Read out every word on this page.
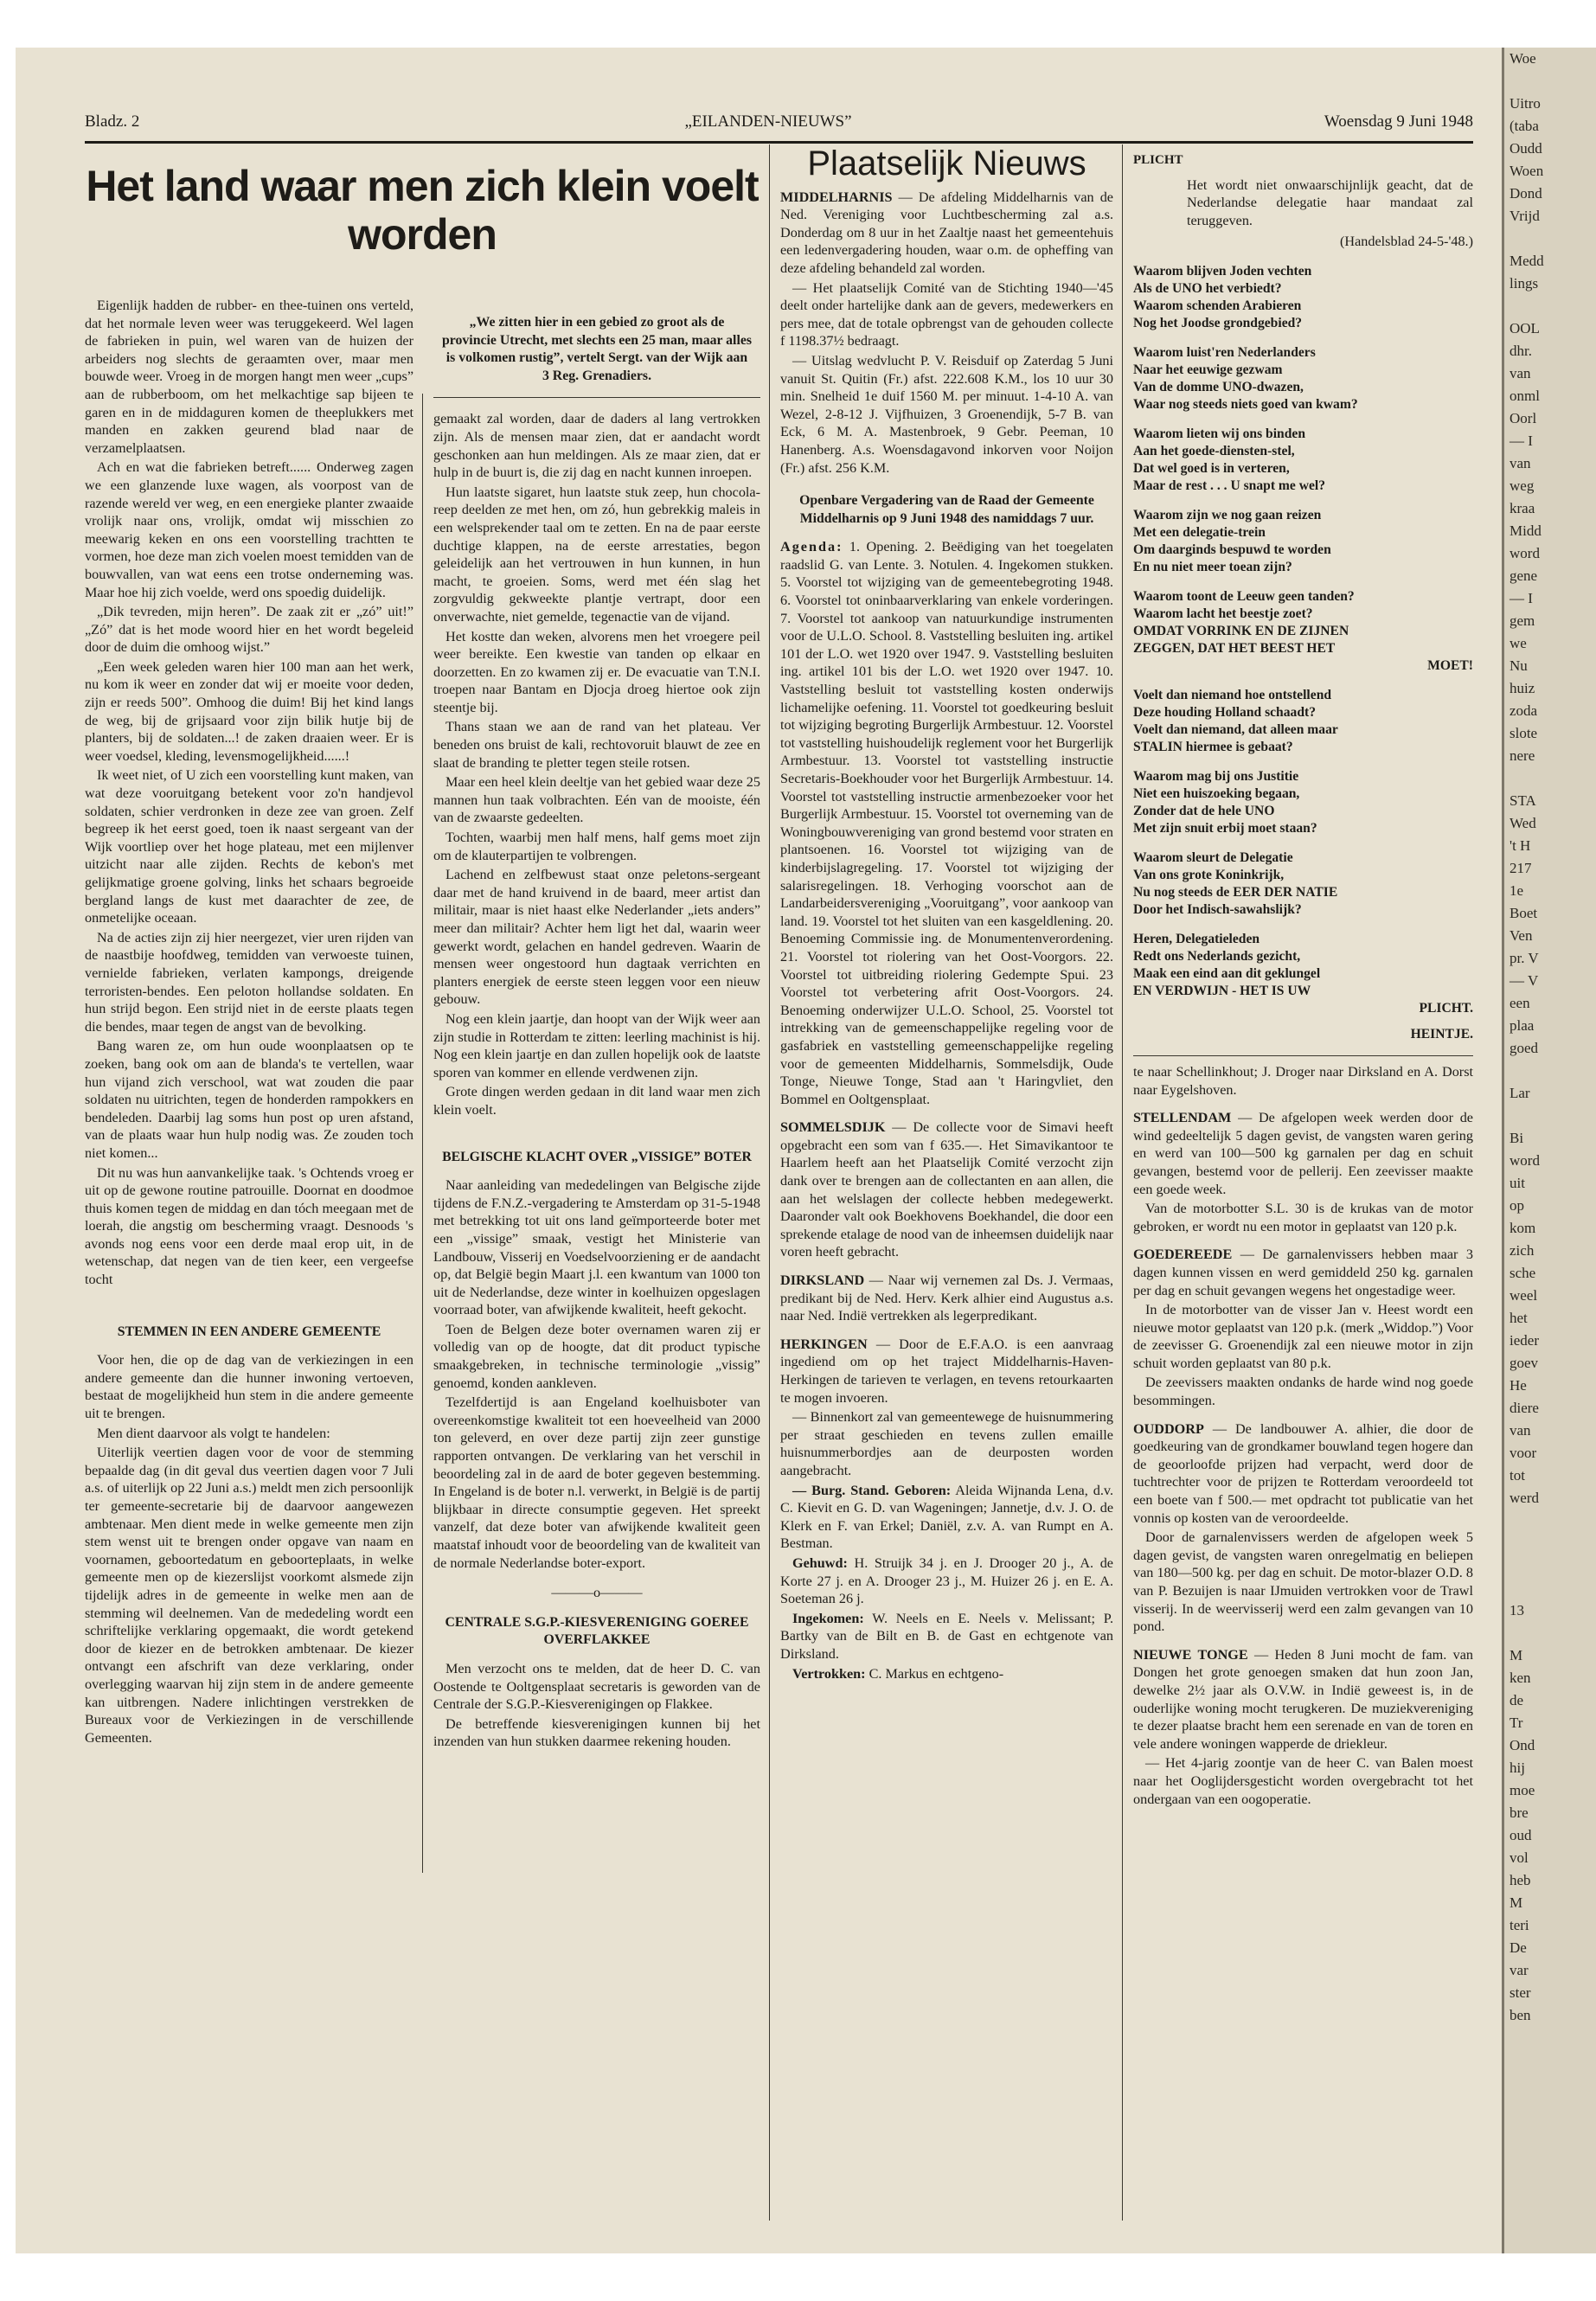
Bladz. 2	„EILANDEN-NIEUWS”	Woensdag 9 Juni 1948
Het land waar men zich klein voelt worden

Eigenlijk hadden de rubber- en thee-tuinen ons verteld, dat het normale leven weer was teruggekeerd. Wel lagen de fabrieken in puin, wel waren van de huizen der arbeiders nog slechts de geraamten over, maar men bouwde weer. Vroeg in de morgen hangt men weer „cups” aan de rubberboom, om het melkachtige sap bijeen te garen en in de middaguren komen de theeplukkers met manden en zakken geurend blad naar de verzamelplaatsen.

Ach en wat die fabrieken betreft...... Onderweg zagen we een glanzende luxe wagen, als voorpost van de razende wereld ver weg, en een energieke planter zwaaide vrolijk naar ons, vrolijk, omdat wij misschien zo meewarig keken en ons een voorstelling trachtten te vormen, hoe deze man zich voelen moest temidden van de bouwvallen, van wat eens een trotse onderneming was. Maar hoe hij zich voelde, werd ons spoedig duidelijk.

„Dik tevreden, mijn heren”. De zaak zit er „zó” uit!” „Zó” dat is het mode woord hier en het wordt begeleid door de duim die omhoog wijst.”

„Een week geleden waren hier 100 man aan het werk, nu kom ik weer en zonder dat wij er moeite voor deden, zijn er reeds 500”. Omhoog die duim! Bij het kind langs de weg, bij de grijsaard voor zijn bilik hutje bij de planters, bij de soldaten...! de zaken draaien weer. Er is weer voedsel, kleding, levensmogelijkheid......!

Ik weet niet, of U zich een voorstelling kunt maken, van wat deze vooruitgang betekent voor zo'n handjevol soldaten, schier verdronken in deze zee van groen. Zelf begreep ik het eerst goed, toen ik naast sergeant van der Wijk voortliep over het hoge plateau, met een mijlenver uitzicht naar alle zijden. Rechts de kebon's met gelijkmatige groene golving, links het schaars begroeide bergland langs de kust met daarachter de zee, de onmetelijke oceaan.

Na de acties zijn zij hier neergezet, vier uren rijden van de naastbije hoofdweg, temidden van verwoeste tuinen, vernielde fabrieken, verlaten kampongs, dreigende terroristen-bendes. Een peloton hollandse soldaten. En hun strijd begon. Een strijd niet in de eerste plaats tegen die bendes, maar tegen de angst van de bevolking.

Bang waren ze, om hun oude woonplaatsen op te zoeken, bang ook om aan de blanda's te vertellen, waar hun vijand zich verschool, wat wat zouden die paar soldaten nu uitrichten, tegen de honderden rampokkers en bendeleden. Daarbij lag soms hun post op uren afstand, van de plaats waar hun hulp nodig was. Ze zouden toch niet komen...

Dit nu was hun aanvankelijke taak. 's Ochtends vroeg er uit op de gewone routine patrouille. Doornat en doodmoe thuis komen tegen de middag en dan tóch meegaan met de loerah, die angstig om bescherming vraagt. Desnoods 's avonds nog eens voor een derde maal erop uit, in de wetenschap, dat negen van de tien keer, een vergeefse tocht

STEMMEN IN EEN ANDERE GEMEENTE

Voor hen, die op de dag van de verkiezingen in een andere gemeente dan die hunner inwoning vertoeven, bestaat de mogelijkheid hun stem in die andere gemeente uit te brengen.

Men dient daarvoor als volgt te handelen:

Uiterlijk veertien dagen voor de voor de stemming bepaalde dag (in dit geval dus veertien dagen voor 7 Juli a.s. of uiterlijk op 22 Juni a.s.) meldt men zich persoonlijk ter gemeente-secretarie bij de daarvoor aangewezen ambtenaar. Men dient mede in welke gemeente men zijn stem wenst uit te brengen onder opgave van naam en voornamen, geboortedatum en geboorteplaats, in welke gemeente men op de kiezerslijst voorkomt alsmede zijn tijdelijk adres in de gemeente in welke men aan de stemming wil deelnemen. Van de mededeling wordt een schriftelijke verklaring opgemaakt, die wordt getekend door de kiezer en de betrokken ambtenaar. De kiezer ontvangt een afschrift van deze verklaring, onder overlegging waarvan hij zijn stem in de andere gemeente kan uitbrengen. Nadere inlichtingen verstrekken de Bureaux voor de Verkiezingen in de verschillende Gemeenten.

„We zitten hier in een gebied zo groot als de provincie Utrecht, met slechts een 25 man, maar alles is volkomen rustig”, vertelt Sergt. van der Wijk aan 3 Reg. Grenadiers.

gemaakt zal worden, daar de daders al lang vertrokken zijn. Als de mensen maar zien, dat er aandacht wordt geschonken aan hun meldingen. Als ze maar zien, dat er hulp in de buurt is, die zij dag en nacht kunnen inroepen.

Hun laatste sigaret, hun laatste stuk zeep, hun chocola-reep deelden ze met hen, om zó, hun gebrekkig maleis in een welsprekender taal om te zetten. En na de paar eerste duchtige klappen, na de eerste arrestaties, begon geleidelijk aan het vertrouwen in hun kunnen, in hun macht, te groeien. Soms, werd met één slag het zorgvuldig gekweekte plantje vertrapt, door een onverwachte, niet gemelde, tegenactie van de vijand.

Het kostte dan weken, alvorens men het vroegere peil weer bereikte. Een kwestie van tanden op elkaar en doorzetten. En zo kwamen zij er. De evacuatie van T.N.I. troepen naar Bantam en Djocja droeg hiertoe ook zijn steentje bij.

Thans staan we aan de rand van het plateau. Ver beneden ons bruist de kali, rechtovoruit blauwt de zee en slaat de branding te pletter tegen steile rotsen.

Maar een heel klein deeltje van het gebied waar deze 25 mannen hun taak volbrachten. Eén van de mooiste, één van de zwaarste gedeelten.

Tochten, waarbij men half mens, half gems moet zijn om de klauterpartijen te volbrengen.

Lachend en zelfbewust staat onze peletons-sergeant daar met de hand kruivend in de baard, meer artist dan militair, maar is niet haast elke Nederlander „iets anders” meer dan militair? Achter hem ligt het dal, waarin weer gewerkt wordt, gelachen en handel gedreven. Waarin de mensen weer ongestoord hun dagtaak verrichten en planters energiek de eerste steen leggen voor een nieuw gebouw.

Nog een klein jaartje, dan hoopt van der Wijk weer aan zijn studie in Rotterdam te zitten: leerling machinist is hij. Nog een klein jaartje en dan zullen hopelijk ook de laatste sporen van kommer en ellende verdwenen zijn.

Grote dingen werden gedaan in dit land waar men zich klein voelt.

BELGISCHE KLACHT OVER „VISSIGE” BOTER

Naar aanleiding van mededelingen van Belgische zijde tijdens de F.N.Z.-vergadering te Amsterdam op 31-5-1948 met betrekking tot uit ons land geïmporteerde boter met een „vissige” smaak, vestigt het Ministerie van Landbouw, Visserij en Voedselvoorziening er de aandacht op, dat België begin Maart j.l. een kwantum van 1000 ton uit de Nederlandse, deze winter in koelhuizen opgeslagen voorraad boter, van afwijkende kwaliteit, heeft gekocht.

Toen de Belgen deze boter overnamen waren zij er volledig van op de hoogte, dat dit product typische smaakgebreken, in technische terminologie „vissig” genoemd, konden aankleven.

Tezelfdertijd is aan Engeland koelhuisboter van overeenkomstige kwaliteit tot een hoeveelheid van 2000 ton geleverd, en over deze partij zijn zeer gunstige rapporten ontvangen. De verklaring van het verschil in beoordeling zal in de aard de boter gegeven bestemming. In Engeland is de boter n.l. verwerkt, in België is de partij blijkbaar in directe consumptie gegeven. Het spreekt vanzelf, dat deze boter van afwijkende kwaliteit geen maatstaf inhoudt voor de beoordeling van de kwaliteit van de normale Nederlandse boter-export.

———o———
CENTRALE S.G.P.-KIESVERENIGING GOEREE OVERFLAKKEE

Men verzocht ons te melden, dat de heer D. C. van Oostende te Ooltgensplaat secretaris is geworden van de Centrale der S.G.P.-Kiesverenigingen op Flakkee.

De betreffende kiesverenigingen kunnen bij het inzenden van hun stukken daarmee rekening houden.

Plaatselijk Nieuws

MIDDELHARNIS — De afdeling Middelharnis van de Ned. Vereniging voor Luchtbescherming zal a.s. Donderdag om 8 uur in het Zaaltje naast het gemeentehuis een ledenvergadering houden, waar o.m. de opheffing van deze afdeling behandeld zal worden.

— Het plaatselijk Comité van de Stichting 1940—'45 deelt onder hartelijke dank aan de gevers, medewerkers en pers mee, dat de totale opbrengst van de gehouden collecte f 1198.37½ bedraagt.

— Uitslag wedvlucht P. V. Reisduif op Zaterdag 5 Juni vanuit St. Quitin (Fr.) afst. 222.608 K.M., los 10 uur 30 min. Snelheid 1e duif 1560 M. per minuut. 1-4-10 A. van Wezel, 2-8-12 J. Vijfhuizen, 3 Groenendijk, 5-7 B. van Eck, 6 M. A. Mastenbroek, 9 Gebr. Peeman, 10 Hanenberg. A.s. Woensdagavond inkorven voor Noijon (Fr.) afst. 256 K.M.

Openbare Vergadering van de Raad der Gemeente Middelharnis op 9 Juni 1948 des namiddags 7 uur.

Agenda: 1. Opening. 2. Beëdiging van het toegelaten raadslid G. van Lente. 3. Notulen. 4. Ingekomen stukken. 5. Voorstel tot wijziging van de gemeentebegroting 1948. 6. Voorstel tot oninbaarverklaring van enkele vorderingen. 7. Voorstel tot aankoop van natuurkundige instrumenten voor de U.L.O. School. 8. Vaststelling besluiten ing. artikel 101 der L.O. wet 1920 over 1947. 9. Vaststelling besluiten ing. artikel 101 bis der L.O. wet 1920 over 1947. 10. Vaststelling besluit tot vaststelling kosten onderwijs lichamelijke oefening. 11. Voorstel tot goedkeuring besluit tot wijziging begroting Burgerlijk Armbestuur. 12. Voorstel tot vaststelling huishoudelijk reglement voor het Burgerlijk Armbestuur. 13. Voorstel tot vaststelling instructie Secretaris-Boekhouder voor het Burgerlijk Armbestuur. 14. Voorstel tot vaststelling instructie armenbezoeker voor het Burgerlijk Armbestuur. 15. Voorstel tot overneming van de Woningbouwvereniging van grond bestemd voor straten en plantsoenen. 16. Voorstel tot wijziging van de kinderbijslagregeling. 17. Voorstel tot wijziging der salarisregelingen. 18. Verhoging voorschot aan de Landarbeidersvereniging „Vooruitgang”, voor aankoop van land. 19. Voorstel tot het sluiten van een kasgeldlening. 20. Benoeming Commissie ing. de Monumentenverordening. 21. Voorstel tot riolering van het Oost-Voorgors. 22. Voorstel tot uitbreiding riolering Gedempte Spui. 23 Voorstel tot verbetering afrit Oost-Voorgors. 24. Benoeming onderwijzer U.L.O. School, 25. Voorstel tot intrekking van de gemeenschappelijke regeling voor de gasfabriek en vaststelling gemeenschappelijke regeling voor de gemeenten Middelharnis, Sommelsdijk, Oude Tonge, Nieuwe Tonge, Stad aan 't Haringvliet, den Bommel en Ooltgensplaat.

SOMMELSDIJK — De collecte voor de Simavi heeft opgebracht een som van f 635.—. Het Simavikantoor te Haarlem heeft aan het Plaatselijk Comité verzocht zijn dank over te brengen aan de collectanten en aan allen, die aan het welslagen der collecte hebben medegewerkt. Daaronder valt ook Boekhovens Boekhandel, die door een sprekende etalage de nood van de inheemsen duidelijk naar voren heeft gebracht.

DIRKSLAND — Naar wij vernemen zal Ds. J. Vermaas, predikant bij de Ned. Herv. Kerk alhier eind Augustus a.s. naar Ned. Indië vertrekken als legerpredikant.

HERKINGEN — Door de E.F.A.O. is een aanvraag ingediend om op het traject Middelharnis-Haven-Herkingen de tarieven te verlagen, en tevens retourkaarten te mogen invoeren.

— Binnenkort zal van gemeentewege de huisnummering per straat geschieden en tevens zullen emaille huisnummerbordjes aan de deurposten worden aangebracht.

— Burg. Stand. Geboren: Aleida Wijnanda Lena, d.v. C. Kievit en G. D. van Wageningen; Jannetje, d.v. J. O. de Klerk en F. van Erkel; Daniël, z.v. A. van Rumpt en A. Bestman.

Gehuwd: H. Struijk 34 j. en J. Drooger 20 j., A. de Korte 27 j. en A. Drooger 23 j., M. Huizer 26 j. en E. A. Soeteman 26 j.

Ingekomen: W. Neels en E. Neels v. Melissant; P. Bartky van de Bilt en B. de Gast en echtgenote van Dirksland.

Vertrokken: C. Markus en echtgeno-

PLICHT

Het wordt niet onwaarschijnlijk geacht, dat de Nederlandse delegatie haar mandaat zal teruggeven.

(Handelsblad 24-5-'48.)

Waarom blijven Joden vechten

Als de UNO het verbiedt?

Waarom schenden Arabieren

Nog het Joodse grondgebied?

Waarom luist'ren Nederlanders

Naar het eeuwige gezwam

Van de domme UNO-dwazen,

Waar nog steeds niets goed van kwam?

Waarom lieten wij ons binden

Aan het goede-diensten-stel,

Dat wel goed is in verteren,

Maar de rest . . . U snapt me wel?

Waarom zijn we nog gaan reizen

Met een delegatie-trein

Om daarginds bespuwd te worden

En nu niet meer toean zijn?

Waarom toont de Leeuw geen tanden?

Waarom lacht het beestje zoet?

OMDAT VORRINK EN DE ZIJNEN

ZEGGEN, DAT HET BEEST HET

MOET!

Voelt dan niemand hoe ontstellend

Deze houding Holland schaadt?

Voelt dan niemand, dat alleen maar

STALIN hiermee is gebaat?

Waarom mag bij ons Justitie

Niet een huiszoeking begaan,

Zonder dat de hele UNO

Met zijn snuit erbij moet staan?

Waarom sleurt de Delegatie

Van ons grote Koninkrijk,

Nu nog steeds de EER DER NATIE

Door het Indisch-sawahslijk?

Heren, Delegatieleden

Redt ons Nederlands gezicht,

Maak een eind aan dit geklungel

EN VERDWIJN - HET IS UW

PLICHT.

HEINTJE.

te naar Schellinkhout; J. Droger naar Dirksland en A. Dorst naar Eygelshoven.

STELLENDAM — De afgelopen week werden door de wind gedeeltelijk 5 dagen gevist, de vangsten waren gering en werd van 100—500 kg garnalen per dag en schuit gevangen, bestemd voor de pellerij. Een zeevisser maakte een goede week.

Van de motorbotter S.L. 30 is de krukas van de motor gebroken, er wordt nu een motor in geplaatst van 120 p.k.

GOEDEREEDE — De garnalenvissers hebben maar 3 dagen kunnen vissen en werd gemiddeld 250 kg. garnalen per dag en schuit gevangen wegens het ongestadige weer.

In de motorbotter van de visser Jan v. Heest wordt een nieuwe motor geplaatst van 120 p.k. (merk „Widdop.”) Voor de zeevisser G. Groenendijk zal een nieuwe motor in zijn schuit worden geplaatst van 80 p.k.

De zeevissers maakten ondanks de harde wind nog goede besommingen.

OUDDORP — De landbouwer A. alhier, die door de goedkeuring van de grondkamer bouwland tegen hogere dan de geoorloofde prijzen had verpacht, werd door de tuchtrechter voor de prijzen te Rotterdam veroordeeld tot een boete van f 500.— met opdracht tot publicatie van het vonnis op kosten van de veroordeelde.

Door de garnalenvissers werden de afgelopen week 5 dagen gevist, de vangsten waren onregelmatig en beliepen van 180—500 kg. per dag en schuit. De motor-blazer O.D. 8 van P. Bezuijen is naar IJmuiden vertrokken voor de Trawl visserij. In de weervisserij werd een zalm gevangen van 10 pond.

NIEUWE TONGE — Heden 8 Juni mocht de fam. van Dongen het grote genoegen smaken dat hun zoon Jan, dewelke 2½ jaar als O.V.W. in Indië geweest is, in de ouderlijke woning mocht terugkeren. De muziekvereniging te dezer plaatse bracht hem een serenade en van de toren en vele andere woningen wapperde de driekleur.

— Het 4-jarig zoontje van de heer C. van Balen moest naar het Ooglijdersgesticht worden overgebracht tot het ondergaan van een oogoperatie.

Woe

Uitro
(taba
Oudd
Woen
Dond
Vrijd

Medd
lings

OOL
dhr.
van
onml
Oorl
— I
van
weg
kraa
Midd
word
gene
— I
gem
we
Nu
huiz
zoda
slote
nere

STA
Wed
't H
217
1e
Boet
Ven
pr. V
— V
een
plaa
goed

Lar

Bi
word
uit
op
kom
zich
sche
weel
het
ieder
goev
He
diere
van
voor
tot
werd

13

M
ken
de
Tr
Ond
hij
moe
bre
oud
vol
heb
M
teri
De
var
ster
ben
